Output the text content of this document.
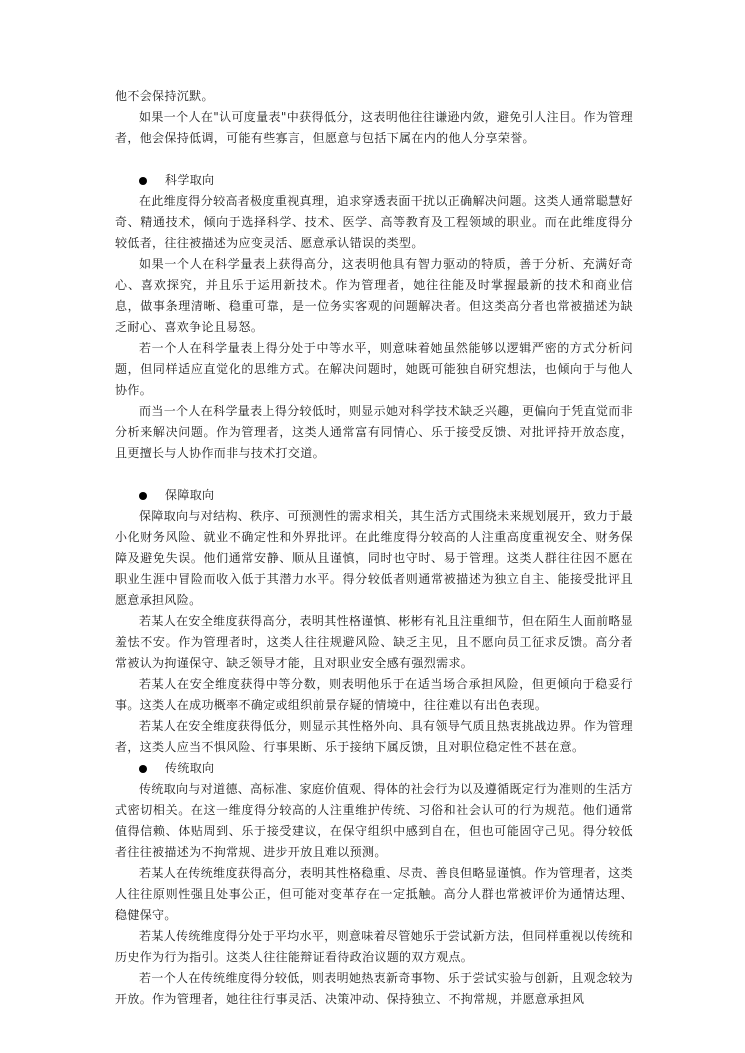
他不会保持沉默。

如果一个人在"认可度量表"中获得低分，这表明他往往谦逊内敛，避免引人注目。作为管理者，他会保持低调，可能有些寡言，但愿意与包括下属在内的他人分享荣誉。

科学取向

在此维度得分较高者极度重视真理，追求穿透表面干扰以正确解决问题。这类人通常聪慧好奇、精通技术，倾向于选择科学、技术、医学、高等教育及工程领域的职业。而在此维度得分较低者，往往被描述为应变灵活、愿意承认错误的类型。

如果一个人在科学量表上获得高分，这表明他具有智力驱动的特质，善于分析、充满好奇心、喜欢探究，并且乐于运用新技术。作为管理者，她往往能及时掌握最新的技术和商业信息，做事条理清晰、稳重可靠，是一位务实客观的问题解决者。但这类高分者也常被描述为缺乏耐心、喜欢争论且易怒。

若一个人在科学量表上得分处于中等水平，则意味着她虽然能够以逻辑严密的方式分析问题，但同样适应直觉化的思维方式。在解决问题时，她既可能独自研究想法，也倾向于与他人协作。

而当一个人在科学量表上得分较低时，则显示她对科学技术缺乏兴趣，更偏向于凭直觉而非分析来解决问题。作为管理者，这类人通常富有同情心、乐于接受反馈、对批评持开放态度，且更擅长与人协作而非与技术打交道。

保障取向

保障取向与对结构、秩序、可预测性的需求相关，其生活方式围绕未来规划展开，致力于最小化财务风险、就业不确定性和外界批评。在此维度得分较高的人注重高度重视安全、财务保障及避免失误。他们通常安静、顺从且谨慎，同时也守时、易于管理。这类人群往往因不愿在职业生涯中冒险而收入低于其潜力水平。得分较低者则通常被描述为独立自主、能接受批评且愿意承担风险。

若某人在安全维度获得高分，表明其性格谨慎、彬彬有礼且注重细节，但在陌生人面前略显羞怯不安。作为管理者时，这类人往往规避风险、缺乏主见，且不愿向员工征求反馈。高分者常被认为拘谨保守、缺乏领导才能，且对职业安全感有强烈需求。

若某人在安全维度获得中等分数，则表明他乐于在适当场合承担风险，但更倾向于稳妥行事。这类人在成功概率不确定或组织前景存疑的情境中，往往难以有出色表现。

若某人在安全维度获得低分，则显示其性格外向、具有领导气质且热衷挑战边界。作为管理者，这类人应当不惧风险、行事果断、乐于接纳下属反馈，且对职位稳定性不甚在意。

传统取向

传统取向与对道德、高标准、家庭价值观、得体的社会行为以及遵循既定行为准则的生活方式密切相关。在这一维度得分较高的人注重维护传统、习俗和社会认可的行为规范。他们通常值得信赖、体贴周到、乐于接受建议，在保守组织中感到自在，但也可能固守己见。得分较低者往往被描述为不拘常规、进步开放且难以预测。

若某人在传统维度获得高分，表明其性格稳重、尽责、善良但略显谨慎。作为管理者，这类人往往原则性强且处事公正，但可能对变革存在一定抵触。高分人群也常被评价为通情达理、稳健保守。

若某人传统维度得分处于平均水平，则意味着尽管她乐于尝试新方法，但同样重视以传统和历史作为行为指引。这类人往往能辩证看待政治议题的双方观点。

若一个人在传统维度得分较低，则表明她热衷新奇事物、乐于尝试实验与创新，且观念较为开放。作为管理者，她往往行事灵活、决策冲动、保持独立、不拘常规，并愿意承担风
